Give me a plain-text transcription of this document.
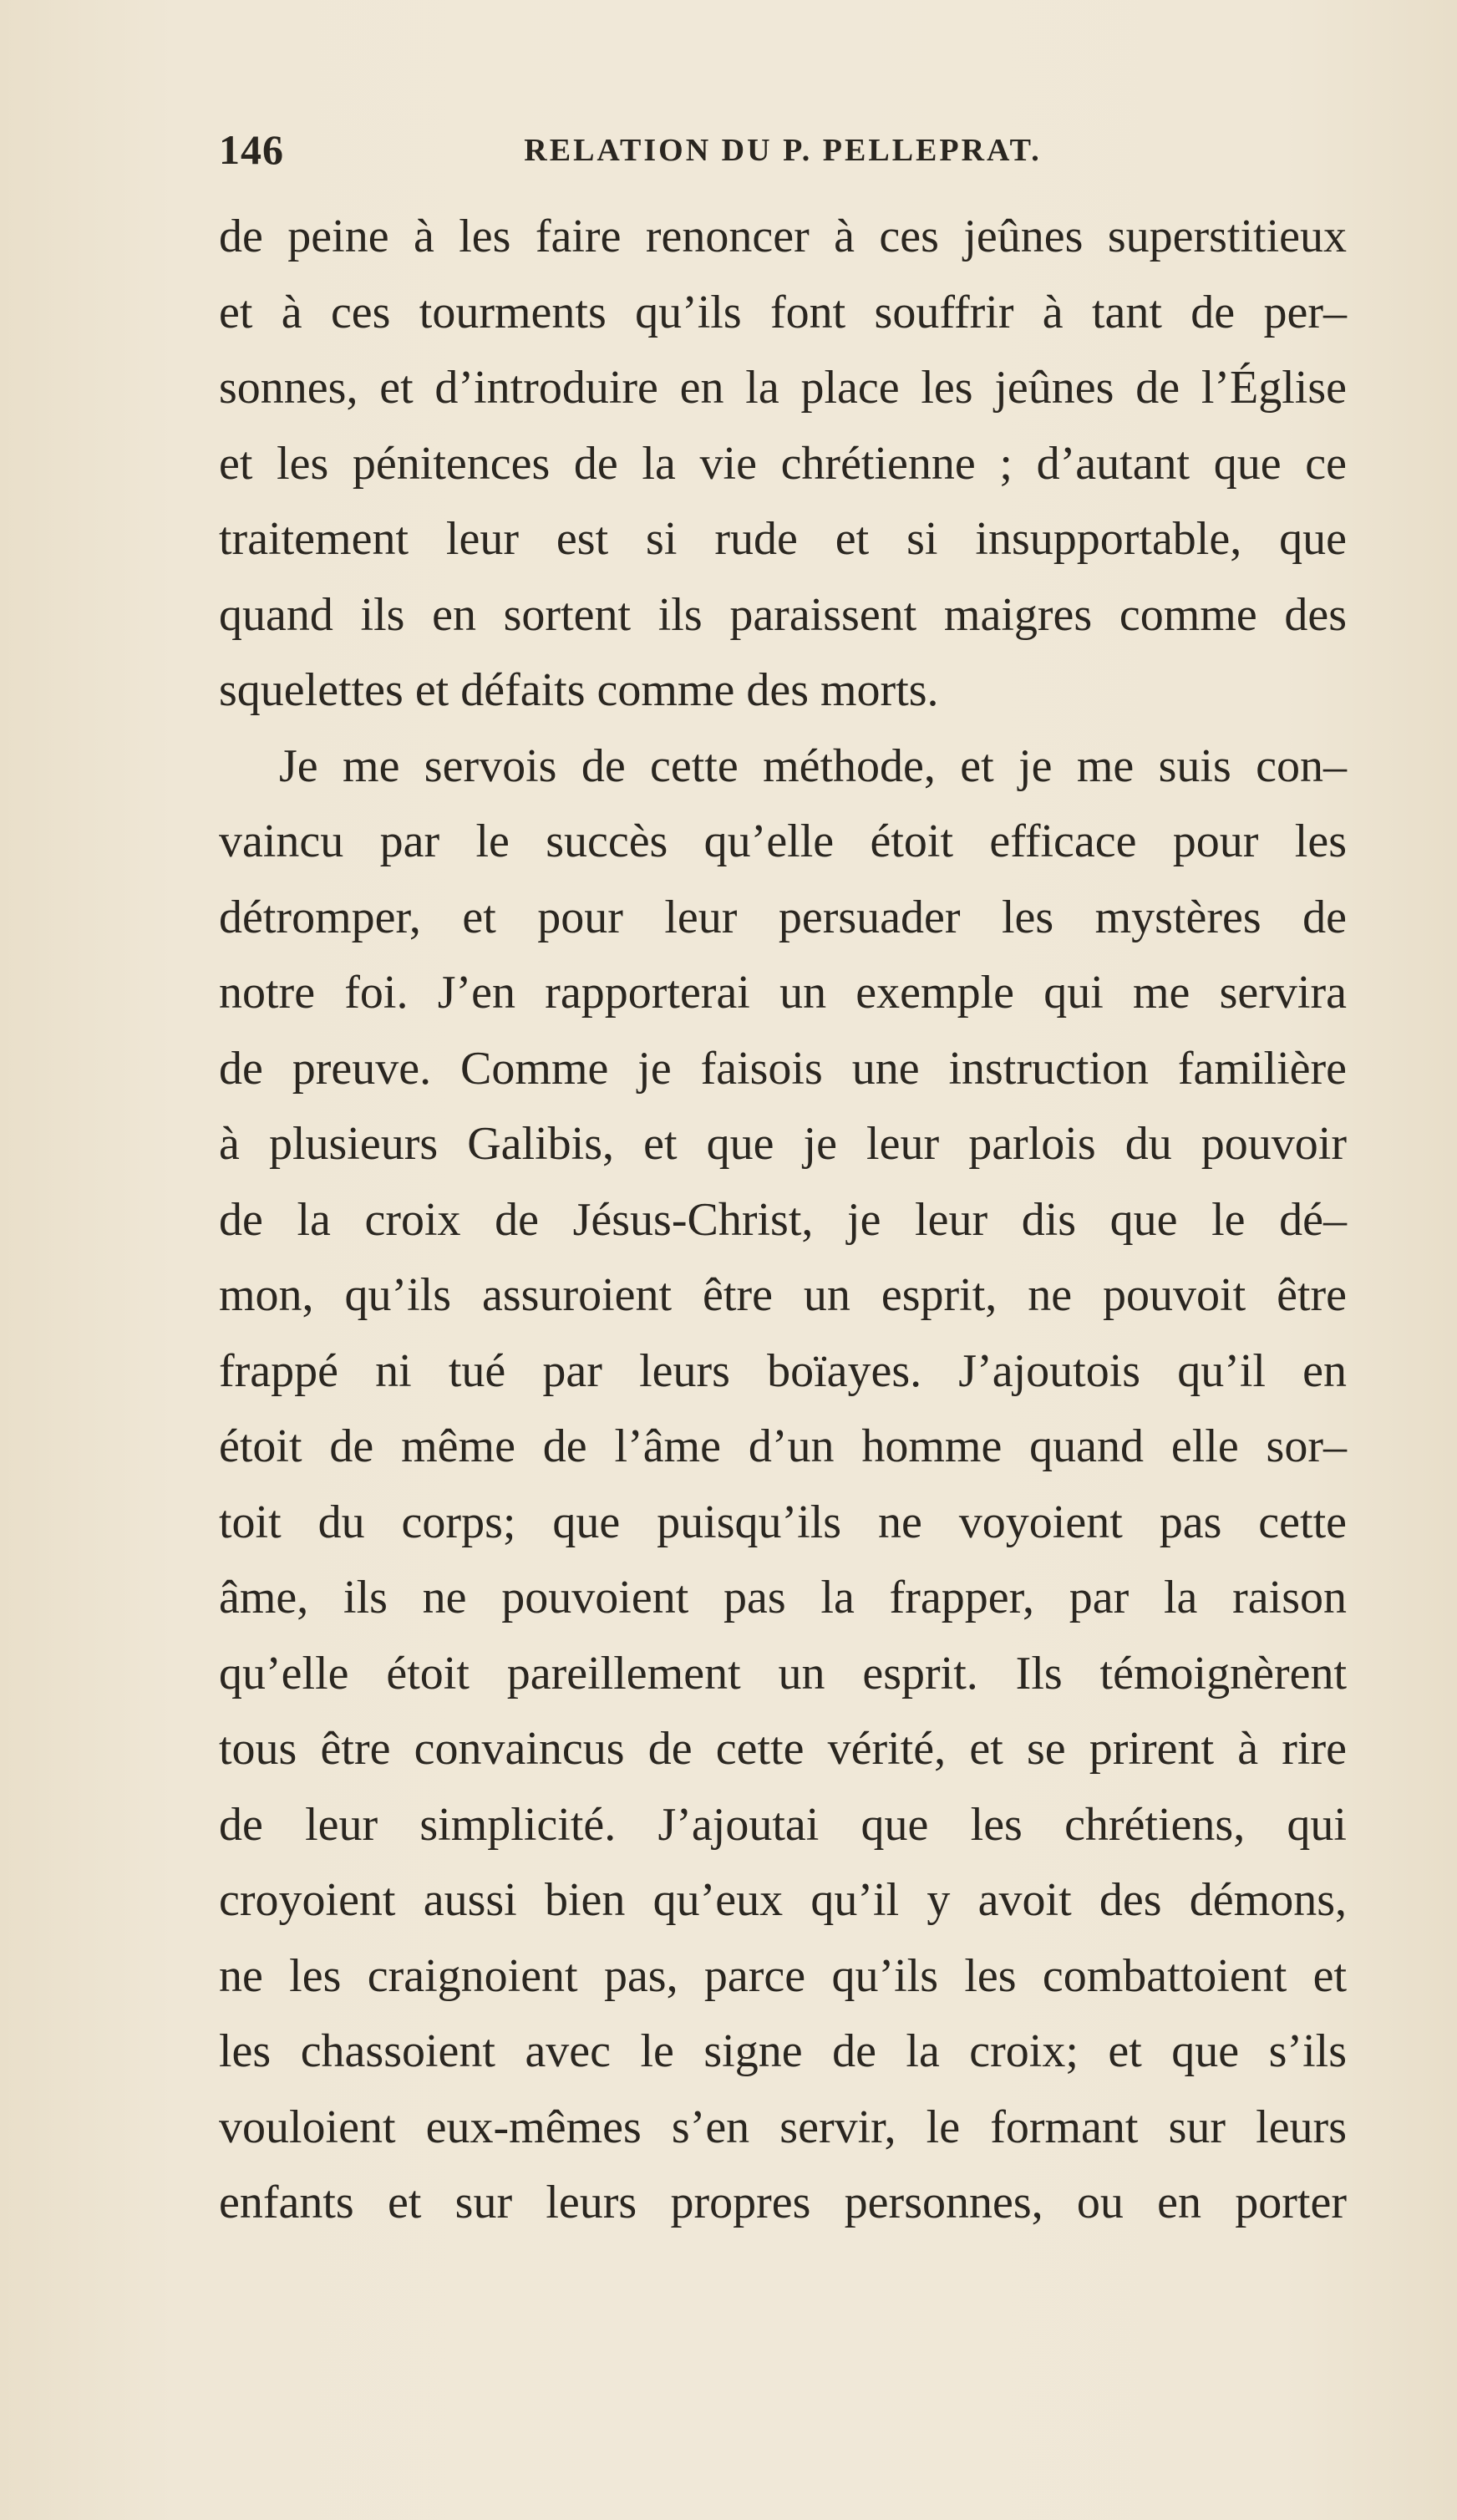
146	RELATION DU P. PELLEPRAT.
de peine à les faire renoncer à ces jeûnes superstitieux
et à ces tourments qu’ils font souffrir à tant de per–
sonnes, et d’introduire en la place les jeûnes de l’Église
et les pénitences de la vie chrétienne ; d’autant que ce
traitement leur est si rude et si insupportable, que
quand ils en sortent ils paraissent maigres comme des
squelettes et défaits comme des morts.
Je me servois de cette méthode, et je me suis con–
vaincu par le succès qu’elle étoit efficace pour les
détromper, et pour leur persuader les mystères de
notre foi. J’en rapporterai un exemple qui me servira
de preuve. Comme je faisois une instruction familière
à plusieurs Galibis, et que je leur parlois du pouvoir
de la croix de Jésus-Christ, je leur dis que le dé–
mon, qu’ils assuroient être un esprit, ne pouvoit être
frappé ni tué par leurs boïayes. J’ajoutois qu’il en
étoit de même de l’âme d’un homme quand elle sor–
toit du corps; que puisqu’ils ne voyoient pas cette
âme, ils ne pouvoient pas la frapper, par la raison
qu’elle étoit pareillement un esprit. Ils témoignèrent
tous être convaincus de cette vérité, et se prirent à rire
de leur simplicité. J’ajoutai que les chrétiens, qui
croyoient aussi bien qu’eux qu’il y avoit des démons,
ne les craignoient pas, parce qu’ils les combattoient et
les chassoient avec le signe de la croix; et que s’ils
vouloient eux-mêmes s’en servir, le formant sur leurs
enfants et sur leurs propres personnes, ou en porter
